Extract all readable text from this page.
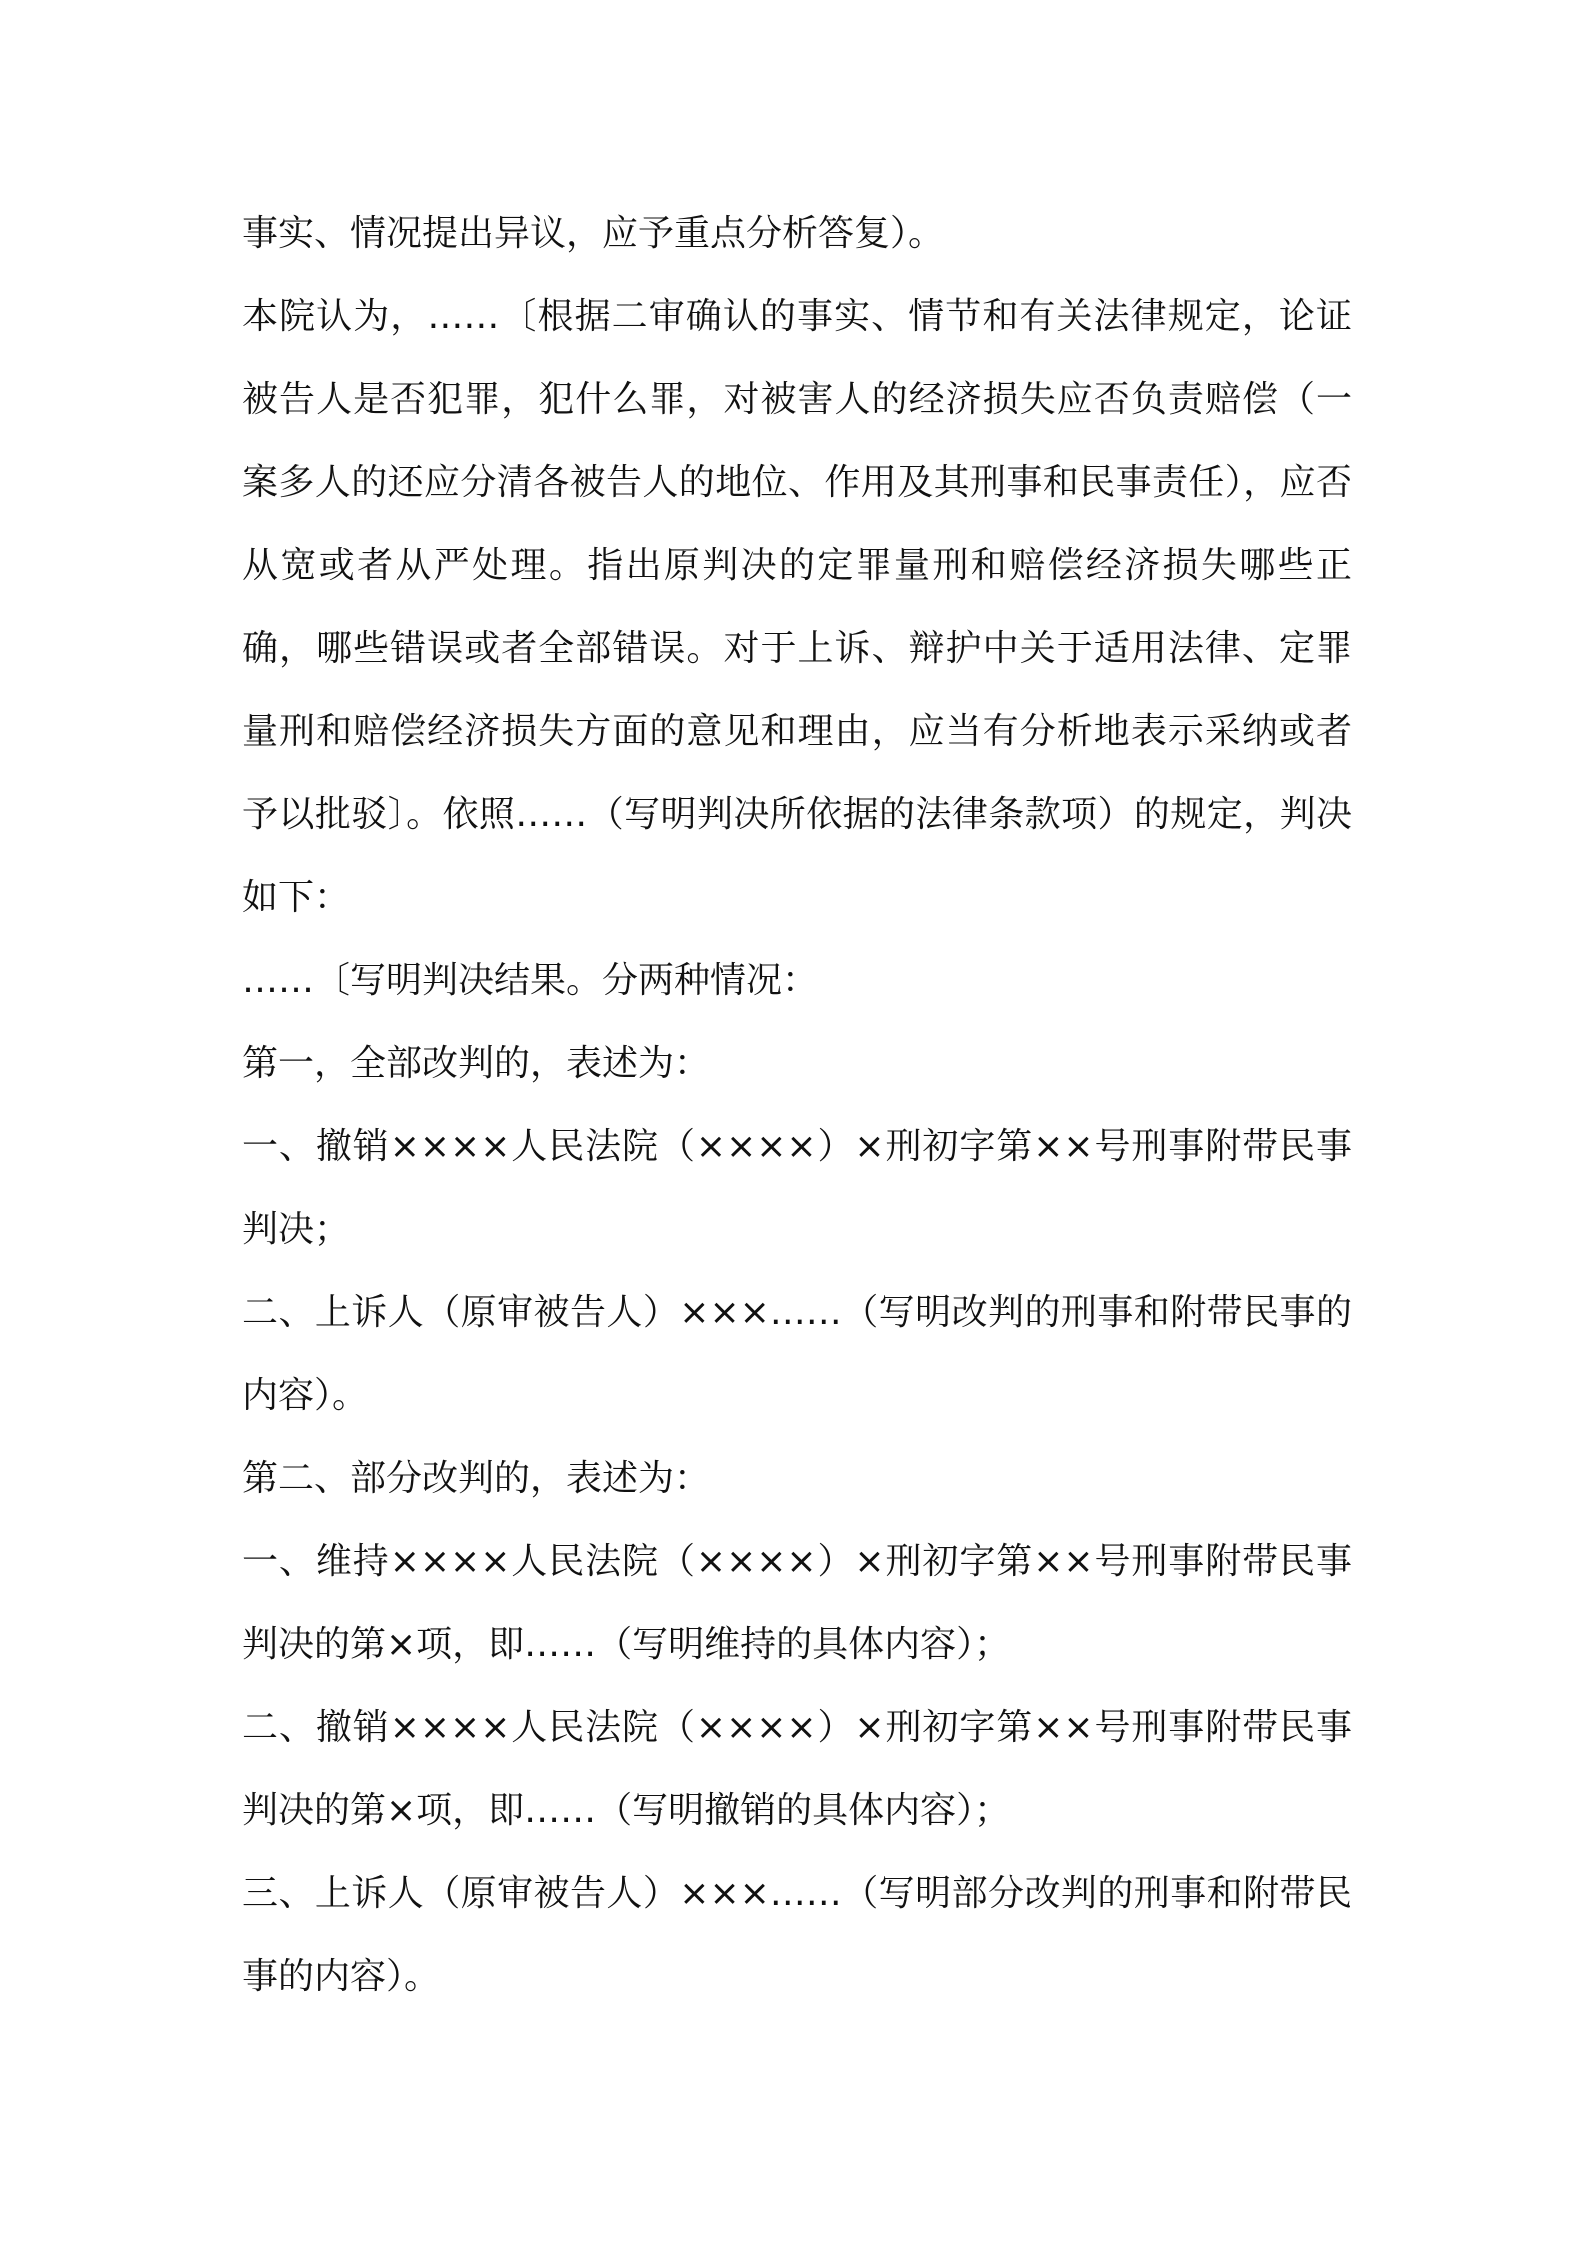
事实、情况提出异议，应予重点分析答复）。

本院认为，……〔根据二审确认的事实、情节和有关法律规定，论证被告人是否犯罪，犯什么罪，对被害人的经济损失应否负责赔偿（一案多人的还应分清各被告人的地位、作用及其刑事和民事责任），应否从宽或者从严处理。指出原判决的定罪量刑和赔偿经济损失哪些正确，哪些错误或者全部错误。对于上诉、辩护中关于适用法律、定罪量刑和赔偿经济损失方面的意见和理由，应当有分析地表示采纳或者予以批驳〕。依照……（写明判决所依据的法律条款项）的规定，判决如下：

……〔写明判决结果。分两种情况：

第一，全部改判的，表述为：

一、撤销××××人民法院（××××）×刑初字第××号刑事附带民事判决；

二、上诉人（原审被告人）×××……（写明改判的刑事和附带民事的内容）。

第二、部分改判的，表述为：

一、维持××××人民法院（××××）×刑初字第××号刑事附带民事判决的第×项，即……（写明维持的具体内容）；

二、撤销××××人民法院（××××）×刑初字第××号刑事附带民事判决的第×项，即……（写明撤销的具体内容）；

三、上诉人（原审被告人）×××……（写明部分改判的刑事和附带民事的内容）。
